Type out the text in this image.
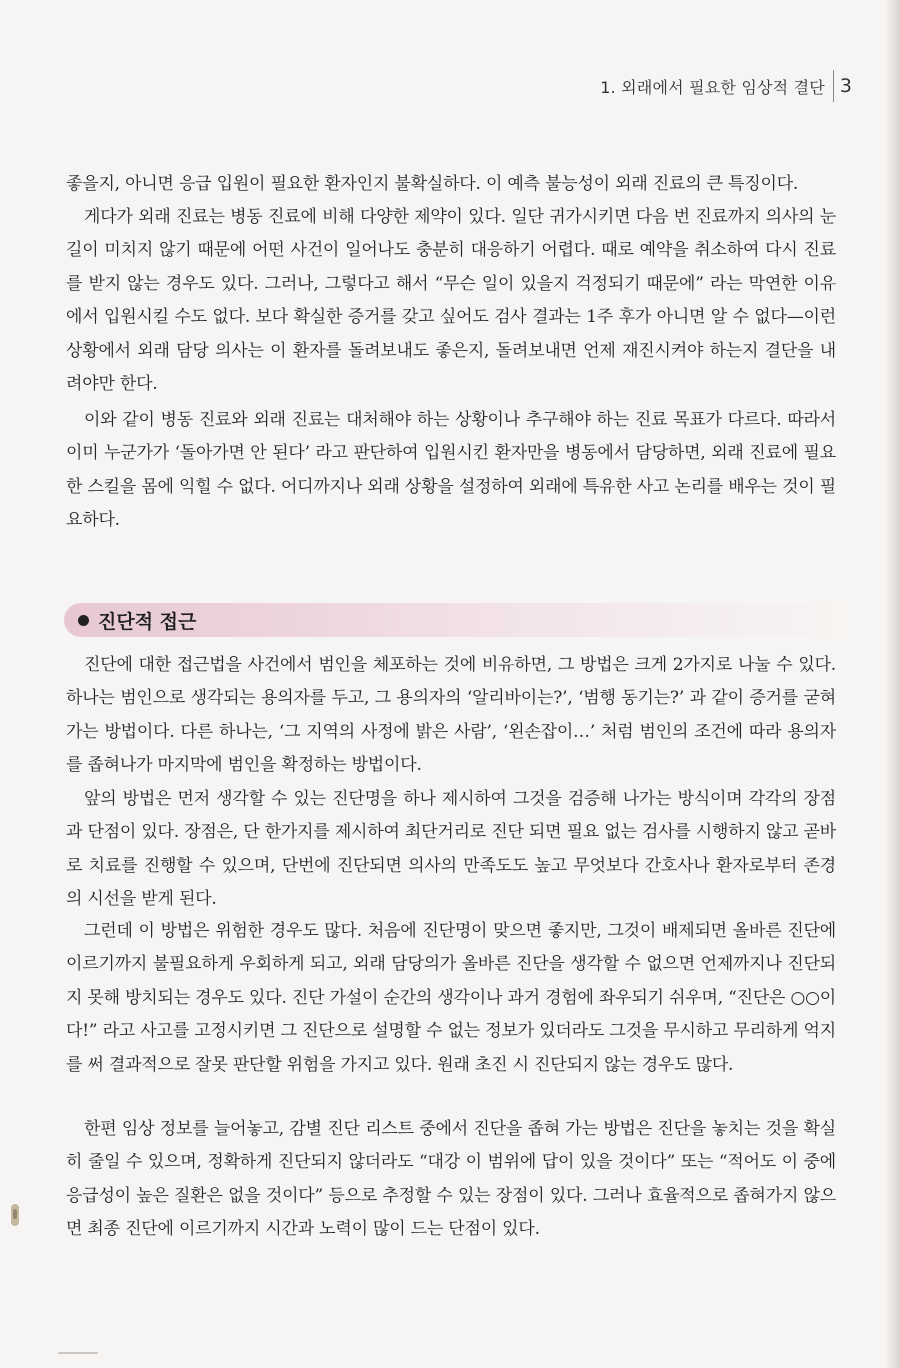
1. 외래에서 필요한 임상적 결단 3
좋을지, 아니면 응급 입원이 필요한 환자인지 불확실하다. 이 예측 불능성이 외래 진료의 큰 특징이다.
게다가 외래 진료는 병동 진료에 비해 다양한 제약이 있다. 일단 귀가시키면 다음 번 진료까지 의사의 눈길이 미치지 않기 때문에 어떤 사건이 일어나도 충분히 대응하기 어렵다. 때로 예약을 취소하여 다시 진료를 받지 않는 경우도 있다. 그러나, 그렇다고 해서 “무슨 일이 있을지 걱정되기 때문에” 라는 막연한 이유에서 입원시킬 수도 없다. 보다 확실한 증거를 갖고 싶어도 검사 결과는 1주 후가 아니면 알 수 없다—이런 상황에서 외래 담당 의사는 이 환자를 돌려보내도 좋은지, 돌려보내면 언제 재진시켜야 하는지 결단을 내려야만 한다.
이와 같이 병동 진료와 외래 진료는 대처해야 하는 상황이나 추구해야 하는 진료 목표가 다르다. 따라서 이미 누군가가 ‘돌아가면 안 된다’ 라고 판단하여 입원시킨 환자만을 병동에서 담당하면, 외래 진료에 필요한 스킬을 몸에 익힐 수 없다. 어디까지나 외래 상황을 설정하여 외래에 특유한 사고 논리를 배우는 것이 필요하다.
진단적 접근
진단에 대한 접근법을 사건에서 범인을 체포하는 것에 비유하면, 그 방법은 크게 2가지로 나눌 수 있다. 하나는 범인으로 생각되는 용의자를 두고, 그 용의자의 ‘알리바이는?’, ‘범행 동기는?’ 과 같이 증거를 굳혀 가는 방법이다. 다른 하나는, ‘그 지역의 사정에 밝은 사람’, ‘왼손잡이…’ 처럼 범인의 조건에 따라 용의자를 좁혀나가 마지막에 범인을 확정하는 방법이다.
앞의 방법은 먼저 생각할 수 있는 진단명을 하나 제시하여 그것을 검증해 나가는 방식이며 각각의 장점과 단점이 있다. 장점은, 단 한가지를 제시하여 최단거리로 진단 되면 필요 없는 검사를 시행하지 않고 곧바로 치료를 진행할 수 있으며, 단번에 진단되면 의사의 만족도도 높고 무엇보다 간호사나 환자로부터 존경의 시선을 받게 된다.
그런데 이 방법은 위험한 경우도 많다. 처음에 진단명이 맞으면 좋지만, 그것이 배제되면 올바른 진단에 이르기까지 불필요하게 우회하게 되고, 외래 담당의가 올바른 진단을 생각할 수 없으면 언제까지나 진단되지 못해 방치되는 경우도 있다. 진단 가설이 순간의 생각이나 과거 경험에 좌우되기 쉬우며, “진단은 ○○이다!” 라고 사고를 고정시키면 그 진단으로 설명할 수 없는 정보가 있더라도 그것을 무시하고 무리하게 억지를 써 결과적으로 잘못 판단할 위험을 가지고 있다. 원래 초진 시 진단되지 않는 경우도 많다.
한편 임상 정보를 늘어놓고, 감별 진단 리스트 중에서 진단을 좁혀 가는 방법은 진단을 놓치는 것을 확실히 줄일 수 있으며, 정확하게 진단되지 않더라도 “대강 이 범위에 답이 있을 것이다” 또는 “적어도 이 중에 응급성이 높은 질환은 없을 것이다” 등으로 추정할 수 있는 장점이 있다. 그러나 효율적으로 좁혀가지 않으면 최종 진단에 이르기까지 시간과 노력이 많이 드는 단점이 있다.
